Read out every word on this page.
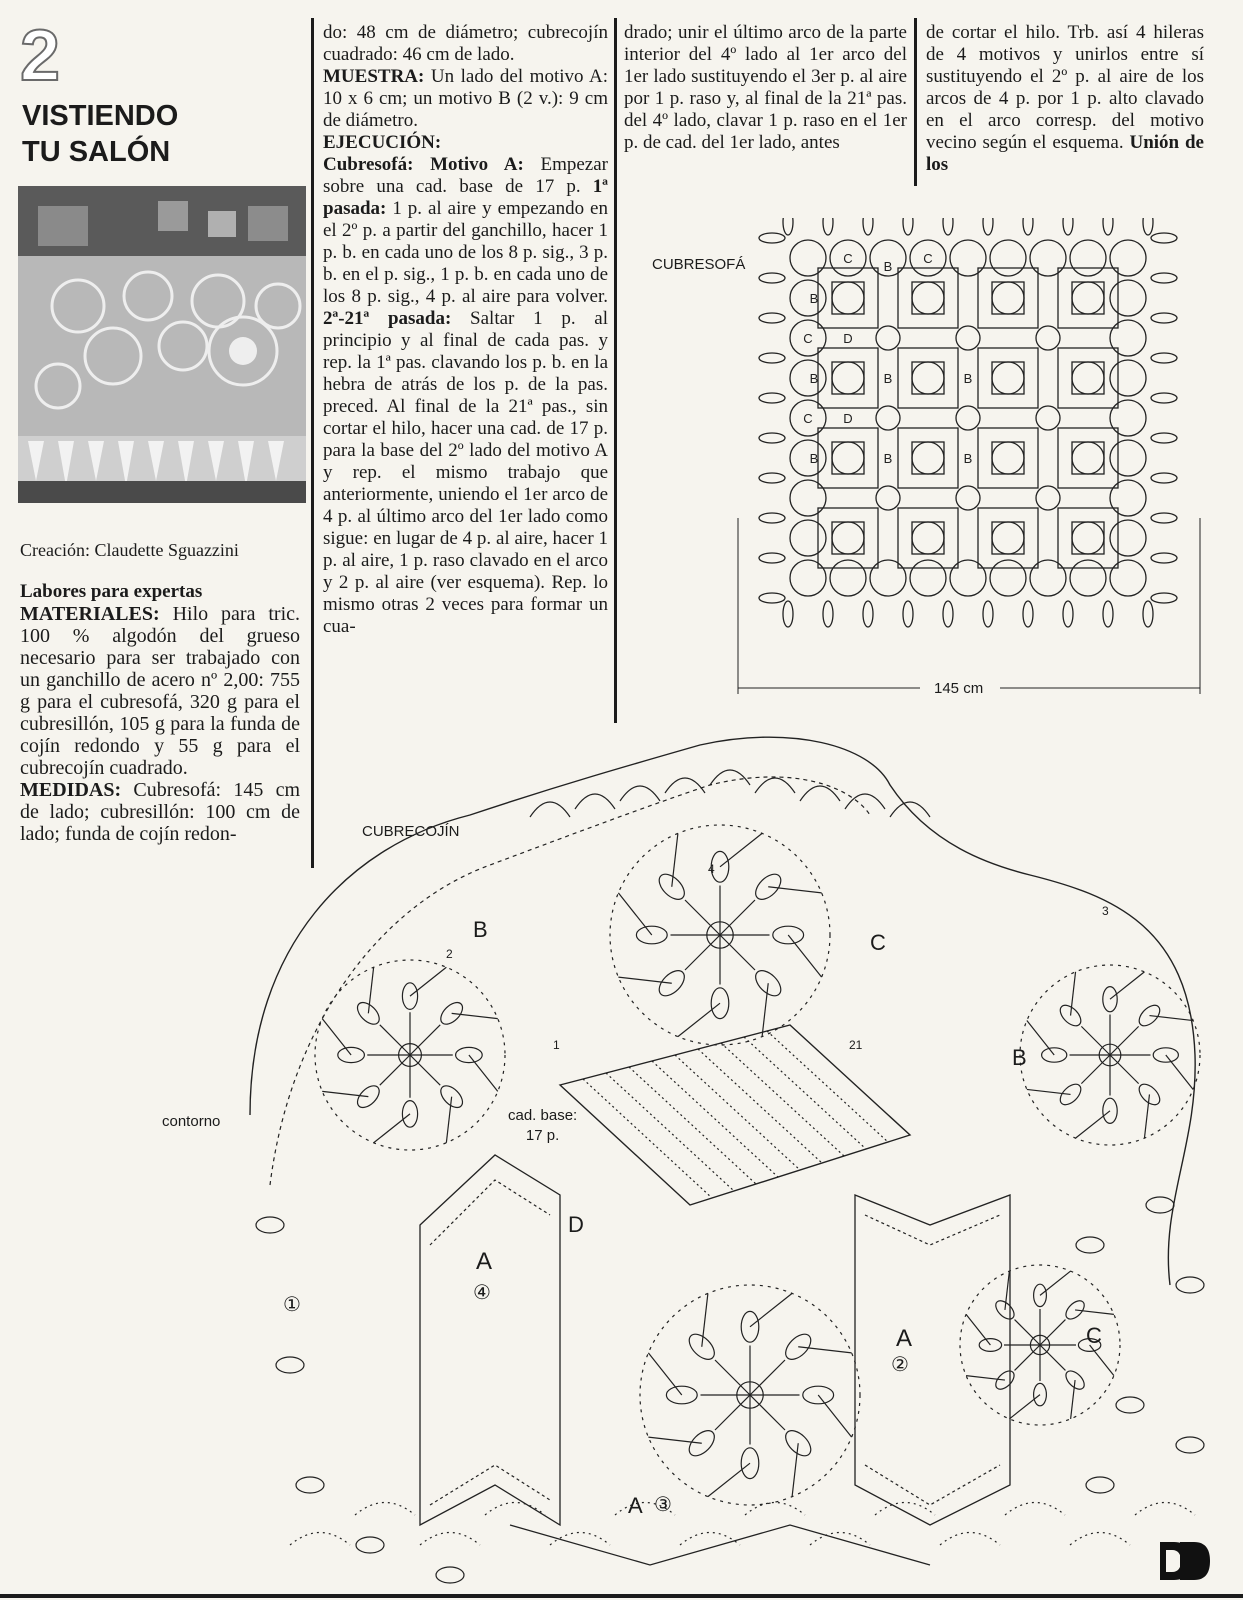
2
VISTIENDO
TU SALÓN
Creación: Claudette Sguazzini

Labores para expertas

MATERIALES: Hilo para tric. 100 % algodón del grueso necesario para ser trabajado con un ganchillo de acero nº 2,00: 755 g para el cubresofá, 320 g para el cubresillón, 105 g para la funda de cojín redondo y 55 g para el cubrecojín cuadrado.

MEDIDAS: Cubresofá: 145 cm de lado; cubresillón: 100 cm de lado; funda de cojín redon-

do: 48 cm de diámetro; cubrecojín cuadrado: 46 cm de lado.

MUESTRA: Un lado del motivo A: 10 x 6 cm; un motivo B (2 v.): 9 cm de diámetro.

EJECUCIÓN:

Cubresofá: Motivo A: Empezar sobre una cad. base de 17 p. 1ª pasada: 1 p. al aire y empezando en el 2º p. a partir del ganchillo, hacer 1 p. b. en cada uno de los 8 p. sig., 3 p. b. en el p. sig., 1 p. b. en cada uno de los 8 p. sig., 4 p. al aire para volver. 2ª-21ª pasada: Saltar 1 p. al principio y al final de cada pas. y rep. la 1ª pas. clavando los p. b. en la hebra de atrás de los p. de la pas. preced. Al final de la 21ª pas., sin cortar el hilo, hacer una cad. de 17 p. para la base del 2º lado del motivo A y rep. el mismo trabajo que anteriormente, uniendo el 1er arco de 4 p. al último arco del 1er lado como sigue: en lugar de 4 p. al aire, hacer 1 p. al aire, 1 p. raso clavado en el arco y 2 p. al aire (ver esquema). Rep. lo mismo otras 2 veces para formar un cua-

drado; unir el último arco de la parte interior del 4º lado al 1er arco del 1er lado sustituyendo el 3er p. al aire por 1 p. raso y, al final de la 21ª pas. del 4º lado, clavar 1 p. raso en el 1er p. de cad. del 1er lado, antes

de cortar el hilo. Trb. así 4 hileras de 4 motivos y unirlos entre sí sustituyendo el 2º p. al aire de los arcos de 4 p. por 1 p. alto clavado en el arco corresp. del motivo vecino según el esquema. Unión de los

CUBRESOFÁ	C
B
C
B
C D
B	B	B
C D
B	B	B
145 cm
CUBRECOJÍN
contorno	cad. base:
17 p.
B
C
B
D
A
A	C
A
①
④
②
③
1
2
3
4
21
